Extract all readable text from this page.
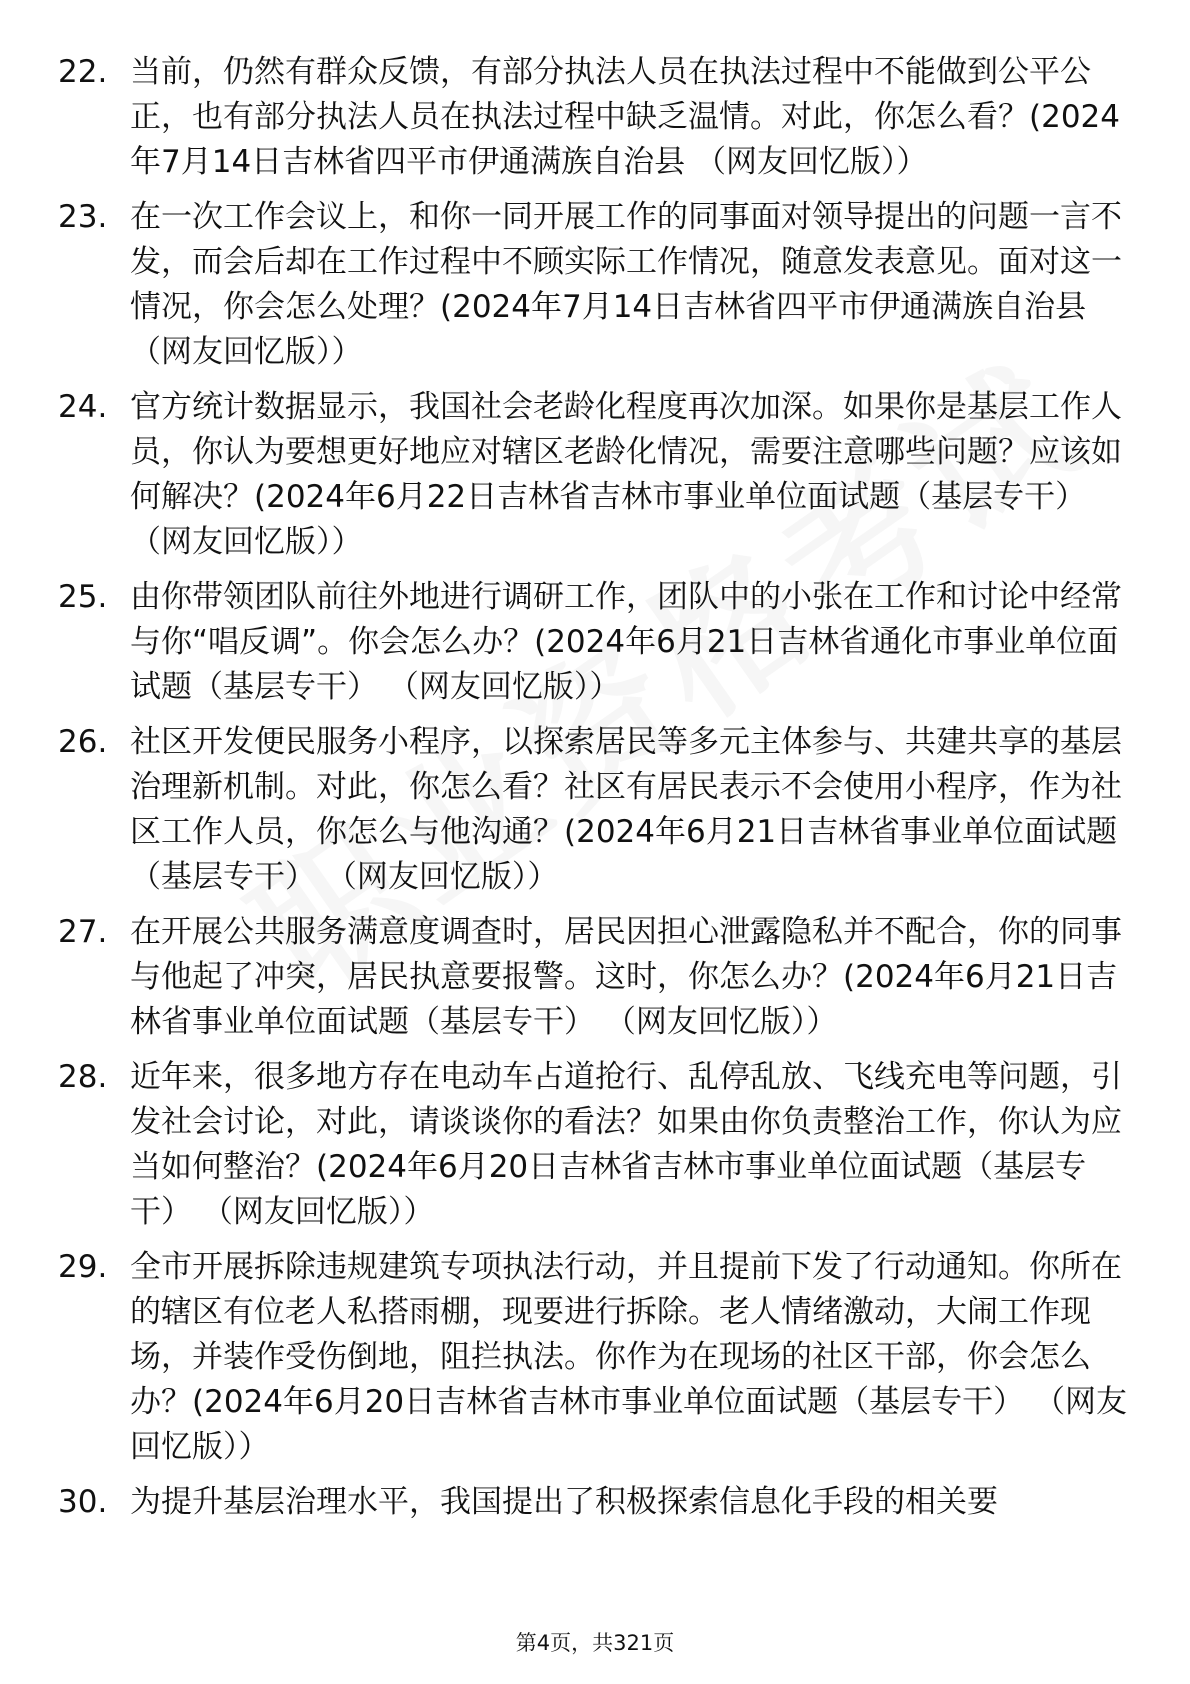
22. 当前，仍然有群众反馈，有部分执法人员在执法过程中不能做到公平公正，也有部分执法人员在执法过程中缺乏温情。对此，你怎么看？(2024年7月14日吉林省四平市伊通满族自治县 （网友回忆版））
23. 在一次工作会议上，和你一同开展工作的同事面对领导提出的问题一言不发，而会后却在工作过程中不顾实际工作情况，随意发表意见。面对这一情况，你会怎么处理？(2024年7月14日吉林省四平市伊通满族自治县 （网友回忆版））
24. 官方统计数据显示，我国社会老龄化程度再次加深。如果你是基层工作人员，你认为要想更好地应对辖区老龄化情况，需要注意哪些问题？应该如何解决？(2024年6月22日吉林省吉林市事业单位面试题（基层专干） （网友回忆版））
25. 由你带领团队前往外地进行调研工作，团队中的小张在工作和讨论中经常与你“唱反调”。你会怎么办？(2024年6月21日吉林省通化市事业单位面试题（基层专干） （网友回忆版））
26. 社区开发便民服务小程序，以探索居民等多元主体参与、共建共享的基层治理新机制。对此，你怎么看？社区有居民表示不会使用小程序，作为社区工作人员，你怎么与他沟通？(2024年6月21日吉林省事业单位面试题（基层专干） （网友回忆版））
27. 在开展公共服务满意度调查时，居民因担心泄露隐私并不配合，你的同事与他起了冲突，居民执意要报警。这时，你怎么办？(2024年6月21日吉林省事业单位面试题（基层专干） （网友回忆版））
28. 近年来，很多地方存在电动车占道抢行、乱停乱放、飞线充电等问题，引发社会讨论，对此，请谈谈你的看法？如果由你负责整治工作，你认为应当如何整治？(2024年6月20日吉林省吉林市事业单位面试题（基层专干） （网友回忆版））
29. 全市开展拆除违规建筑专项执法行动，并且提前下发了行动通知。你所在的辖区有位老人私搭雨棚，现要进行拆除。老人情绪激动，大闹工作现场，并装作受伤倒地，阻拦执法。你作为在现场的社区干部，你会怎么办？(2024年6月20日吉林省吉林市事业单位面试题（基层专干） （网友回忆版））
30. 为提升基层治理水平，我国提出了积极探索信息化手段的相关要
第4页，共321页
